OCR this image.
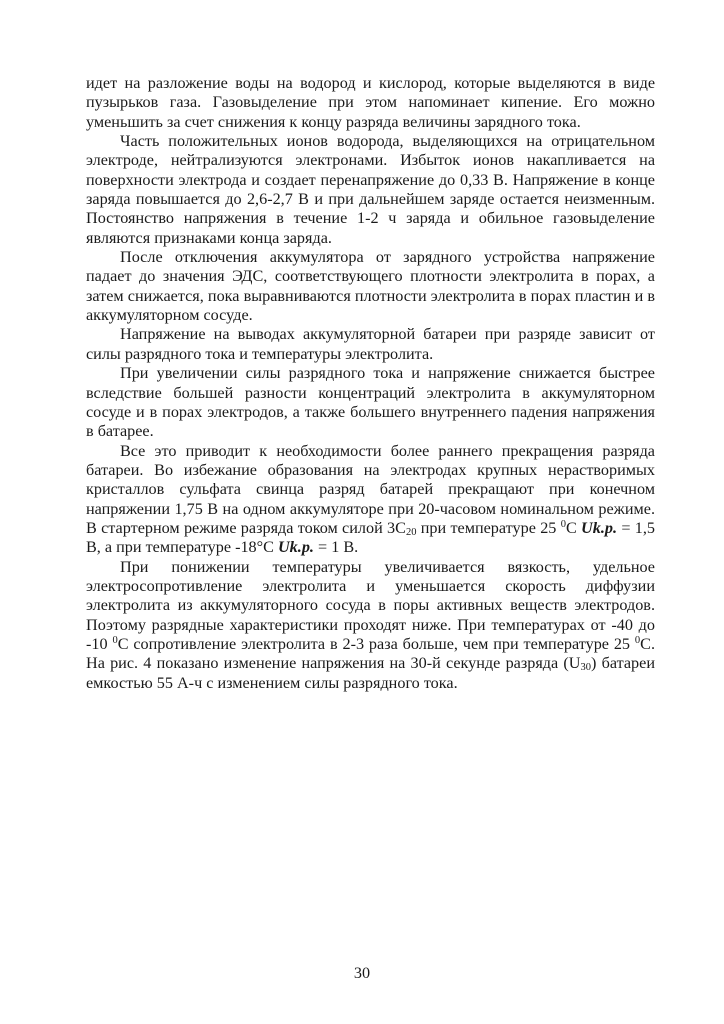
идет на разложение воды на водород и кислород, которые выделяются в виде пузырьков газа. Газовыделение при этом напоминает кипение. Его можно уменьшить за счет снижения к концу разряда величины зарядного тока.

Часть положительных ионов водорода, выделяющихся на отрицательном электроде, нейтрализуются электронами. Избыток ионов накапливается на поверхности электрода и создает перенапряжение до 0,33 В. Напряжение в конце заряда повышается до 2,6-2,7 В и при дальнейшем заряде остается неизменным. Постоянство напряжения в течение 1-2 ч заряда и обильное газовыделение являются признаками конца заряда.

После отключения аккумулятора от зарядного устройства напряжение падает до значения ЭДС, соответствующего плотности электролита в порах, а затем снижается, пока выравниваются плотности электролита в порах пластин и в аккумуляторном сосуде.

Напряжение на выводах аккумуляторной батареи при разряде зависит от силы разрядного тока и температуры электролита.

При увеличении силы разрядного тока и напряжение снижается быстрее вследствие большей разности концентраций электролита в аккумуляторном сосуде и в порах электродов, а также большего внутреннего падения напряжения в батарее.

Все это приводит к необходимости более раннего прекращения разряда батареи. Во избежание образования на электродах крупных нерастворимых кристаллов сульфата свинца разряд батарей прекращают при конечном напряжении 1,75 В на одном аккумуляторе при 20-часовом номинальном режиме. В стартерном режиме разряда током силой $3С_{20}$ при температуре 25 $^0$С Uk.p. = 1,5 В, а при температуре -18°С Uk.p. = 1 В.

При понижении температуры увеличивается вязкость, удельное электросопротивление электролита и уменьшается скорость диффузии электролита из аккумуляторного сосуда в поры активных веществ электродов. Поэтому разрядные характеристики проходят ниже. При температурах от -40 до -10 $^0$С сопротивление электролита в 2-3 раза больше, чем при температуре 25 $^0$С. На рис. 4 показано изменение напряжения на 30-й секунде разряда $(U_{30})$ батареи емкостью 55 А-ч с изменением силы разрядного тока.

30
